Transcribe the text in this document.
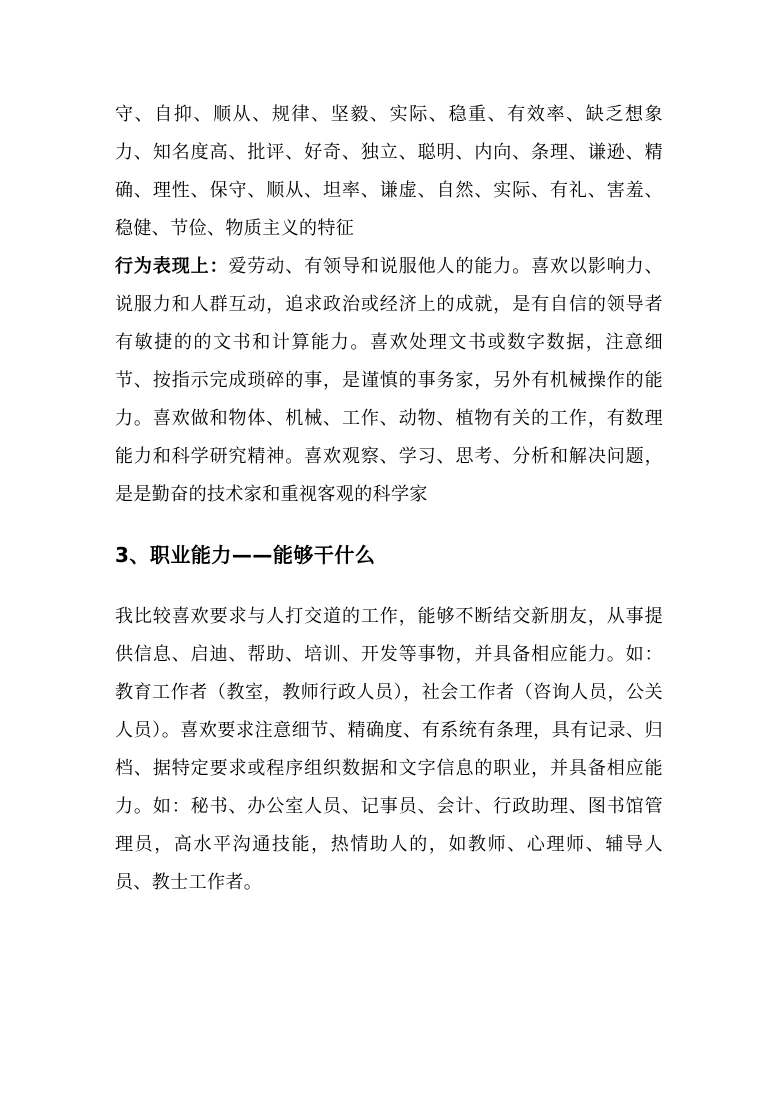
守、自抑、顺从、规律、坚毅、实际、稳重、有效率、缺乏想象力、知名度高、批评、好奇、独立、聪明、内向、条理、谦逊、精确、理性、保守、顺从、坦率、谦虚、自然、实际、有礼、害羞、稳健、节俭、物质主义的特征

行为表现上：爱劳动、有领导和说服他人的能力。喜欢以影响力、说服力和人群互动，追求政治或经济上的成就，是有自信的领导者有敏捷的的文书和计算能力。喜欢处理文书或数字数据，注意细节、按指示完成琐碎的事，是谨慎的事务家，另外有机械操作的能力。喜欢做和物体、机械、工作、动物、植物有关的工作，有数理能力和科学研究精神。喜欢观察、学习、思考、分析和解决问题，是是勤奋的技术家和重视客观的科学家

3、职业能力——能够干什么

我比较喜欢要求与人打交道的工作，能够不断结交新朋友，从事提供信息、启迪、帮助、培训、开发等事物，并具备相应能力。如：教育工作者（教室，教师行政人员），社会工作者（咨询人员，公关人员）。喜欢要求注意细节、精确度、有系统有条理，具有记录、归档、据特定要求或程序组织数据和文字信息的职业，并具备相应能力。如：秘书、办公室人员、记事员、会计、行政助理、图书馆管理员，高水平沟通技能，热情助人的，如教师、心理师、辅导人员、教士工作者。
